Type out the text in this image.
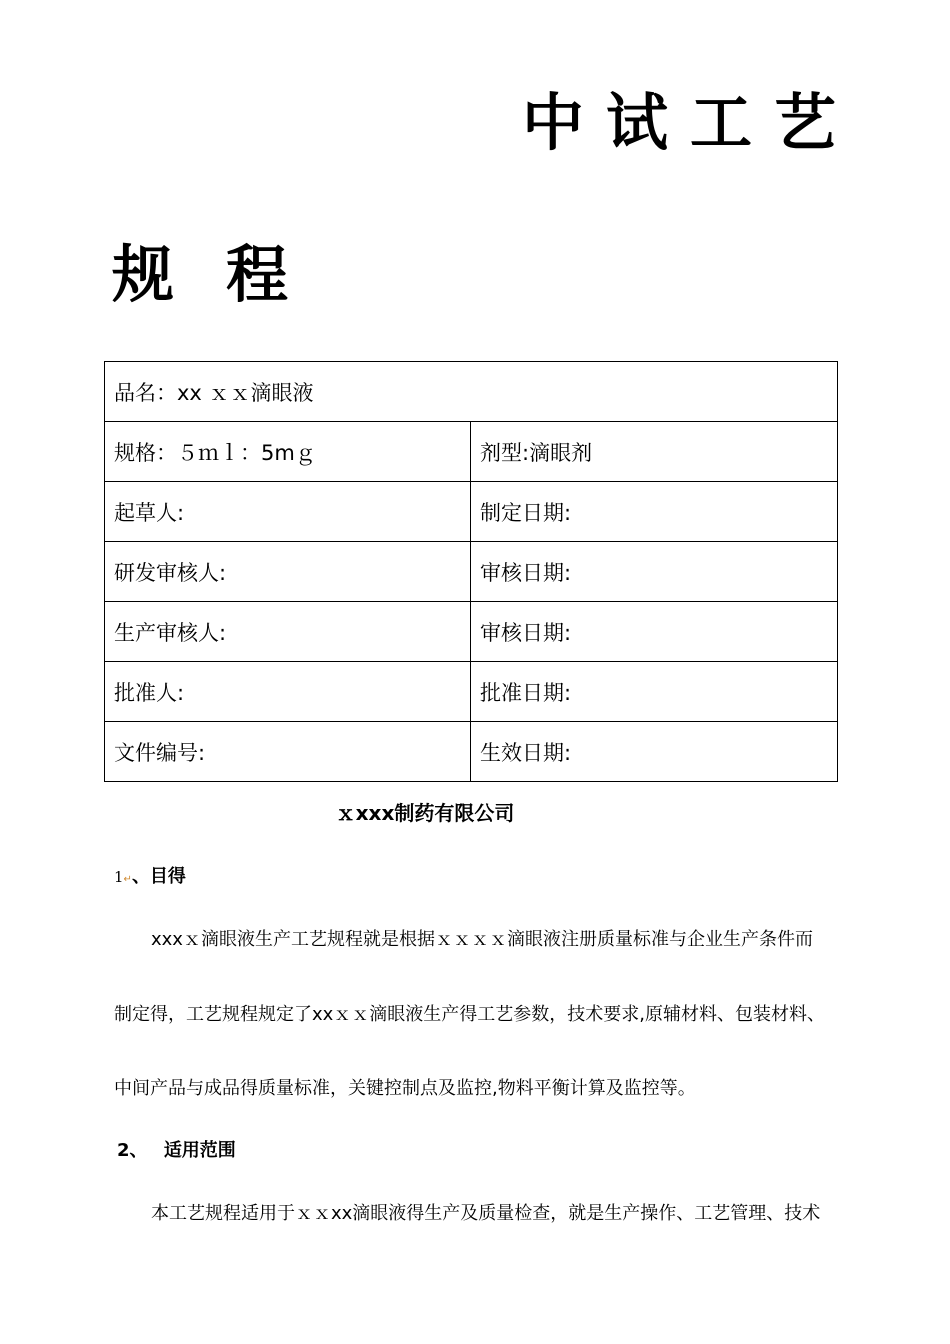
中试工艺
规程
品名：xx ｘｘ滴眼液	
规格：５ｍｌ：5mｇ	剂型:滴眼剂
起草人:	制定日期:
研发审核人:	审核日期:
生产审核人:	审核日期:
批准人:	批准日期:
文件编号:	生效日期:
ｘxxx制药有限公司
1↵、目得
xxxｘ滴眼液生产工艺规程就是根据ｘｘｘｘ滴眼液注册质量标准与企业生产条件而
制定得，工艺规程规定了xxｘｘ滴眼液生产得工艺参数，技术要求,原辅材料、包装材料、
中间产品与成品得质量标准，关键控制点及监控,物料平衡计算及监控等。
2、 适用范围
本工艺规程适用于ｘｘxx滴眼液得生产及质量检查，就是生产操作、工艺管理、技术
